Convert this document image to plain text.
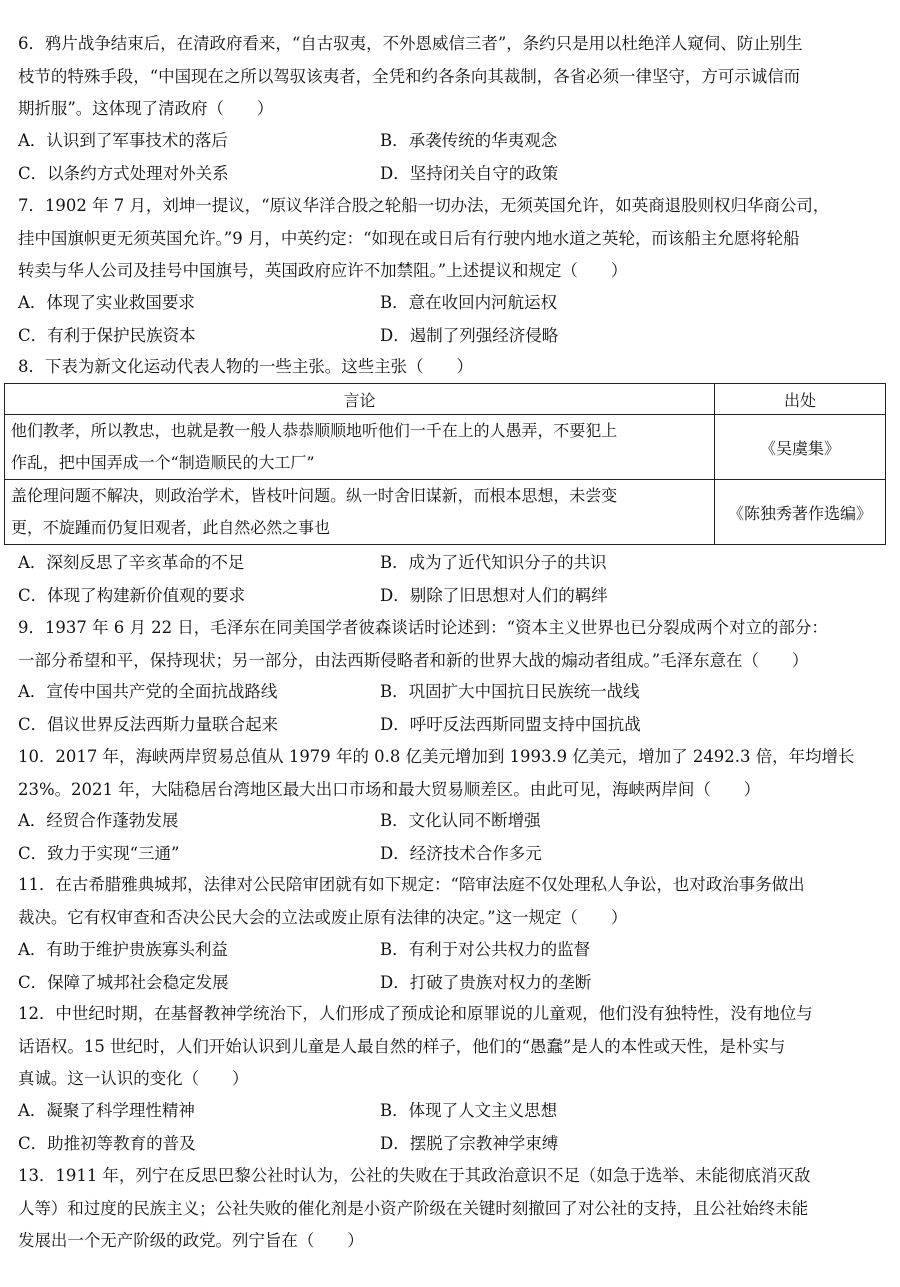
6．鸦片战争结束后，在清政府看来，“自古驭夷，不外恩威信三者”，条约只是用以杜绝洋人窥伺、防止别生 枝节的特殊手段，“中国现在之所以驾驭该夷者，全凭和约各条向其裁制，各省必须一律坚守，方可示诚信而 期折服”。这体现了清政府（　　）
A．认识到了军事技术的落后	B．承袭传统的华夷观念
C．以条约方式处理对外关系	D．坚持闭关自守的政策
7．1902 年 7 月，刘坤一提议，“原议华洋合股之轮船一切办法，无须英国允许，如英商退股则权归华商公司， 挂中国旗帜更无须英国允许。”9 月，中英约定：“如现在或日后有行驶内地水道之英轮，而该船主允愿将轮船 转卖与华人公司及挂号中国旗号，英国政府应许不加禁阻。”上述提议和规定（　　）
A．体现了实业救国要求	B．意在收回内河航运权
C．有利于保护民族资本	D．遏制了列强经济侵略
8．下表为新文化运动代表人物的一些主张。这些主张（　　）
言论	出处
他们教孝，所以教忠，也就是教一般人恭恭顺顺地听他们一千在上的人愚弄，不要犯上 作乱，把中国弄成一个“制造顺民的大工厂”	《吴虞集》
盖伦理问题不解决，则政治学术，皆枝叶问题。纵一时舍旧谋新，而根本思想，未尝变 更，不旋踵而仍复旧观者，此自然必然之事也	《陈独秀著作选编》
A．深刻反思了辛亥革命的不足	B．成为了近代知识分子的共识
C．体现了构建新价值观的要求	D．剔除了旧思想对人们的羁绊
9．1937 年 6 月 22 日，毛泽东在同美国学者彼森谈话时论述到：“资本主义世界也已分裂成两个对立的部分： 一部分希望和平，保持现状；另一部分，由法西斯侵略者和新的世界大战的煽动者组成。”毛泽东意在（　　）
A．宣传中国共产党的全面抗战路线	B．巩固扩大中国抗日民族统一战线
C．倡议世界反法西斯力量联合起来	D．呼吁反法西斯同盟支持中国抗战
10．2017 年，海峡两岸贸易总值从 1979 年的 0.8 亿美元增加到 1993.9 亿美元，增加了 2492.3 倍，年均增长 23%。2021 年，大陆稳居台湾地区最大出口市场和最大贸易顺差区。由此可见，海峡两岸间（　　）
A．经贸合作蓬勃发展	B．文化认同不断增强
C．致力于实现“三通”	D．经济技术合作多元
11．在古希腊雅典城邦，法律对公民陪审团就有如下规定：“陪审法庭不仅处理私人争讼，也对政治事务做出 裁决。它有权审查和否决公民大会的立法或废止原有法律的决定。”这一规定（　　）
A．有助于维护贵族寡头利益	B．有利于对公共权力的监督
C．保障了城邦社会稳定发展	D．打破了贵族对权力的垄断
12．中世纪时期，在基督教神学统治下，人们形成了预成论和原罪说的儿童观，他们没有独特性，没有地位与 话语权。15 世纪时，人们开始认识到儿童是人最自然的样子，他们的“愚蠢”是人的本性或天性，是朴实与 真诚。这一认识的变化（　　）
A．凝聚了科学理性精神	B．体现了人文主义思想
C．助推初等教育的普及	D．摆脱了宗教神学束缚
13．1911 年，列宁在反思巴黎公社时认为，公社的失败在于其政治意识不足（如急于选举、未能彻底消灭敌 人等）和过度的民族主义；公社失败的催化剂是小资产阶级在关键时刻撤回了对公社的支持，且公社始终未能 发展出一个无产阶级的政党。列宁旨在（　　）
